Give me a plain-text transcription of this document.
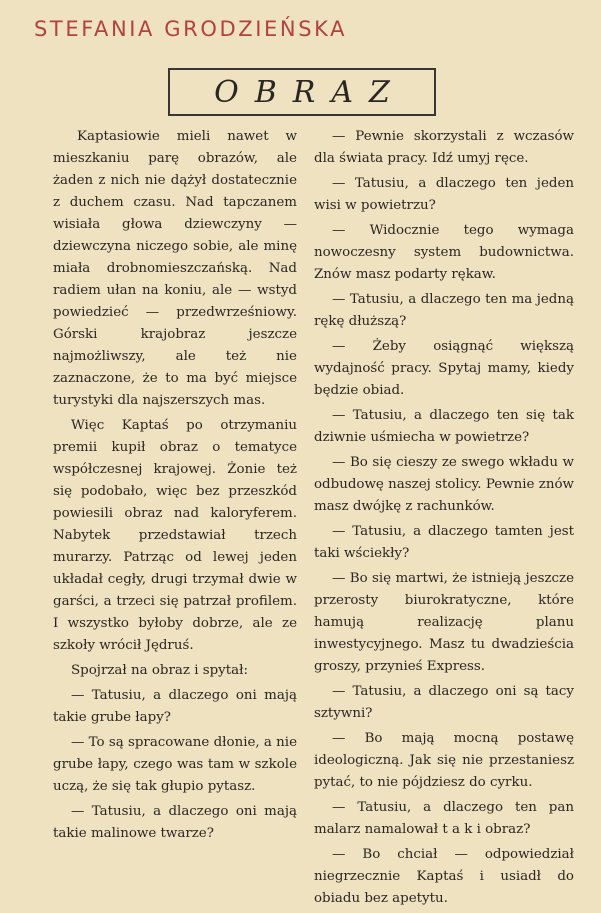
STEFANIA GRODZIEŃSKA
OBRAZ

Kaptasiowie mieli nawet w mieszkaniu parę obrazów, ale żaden z nich nie dążył dostatecznie z duchem czasu. Nad tapczanem wisiała głowa dziewczyny — dziewczyna niczego sobie, ale minę miała drobnomieszczańską. Nad radiem ułan na koniu, ale — wstyd powiedzieć — przedwrześniowy. Górski krajobraz jeszcze najmożliwszy, ale też nie zaznaczone, że to ma być miejsce turystyki dla najszerszych mas.

Więc Kaptaś po otrzymaniu premii kupił obraz o tematyce współczesnej krajowej. Żonie też się podobało, więc bez przeszkód powiesili obraz nad kaloryferem. Nabytek przedstawiał trzech murarzy. Patrząc od lewej jeden układał cegły, drugi trzymał dwie w garści, a trzeci się patrzał profilem. I wszystko byłoby dobrze, ale ze szkoły wrócił Jędruś.

Spojrzał na obraz i spytał:

— Tatusiu, a dlaczego oni mają takie grube łapy?

— To są spracowane dłonie, a nie grube łapy, czego was tam w szkole uczą, że się tak głupio pytasz.

— Tatusiu, a dlaczego oni mają takie malinowe twarze?

— Pewnie skorzystali z wczasów dla świata pracy. Idź umyj ręce.

— Tatusiu, a dlaczego ten jeden wisi w powietrzu?

— Widocznie tego wymaga nowoczesny system budownictwa. Znów masz podarty rękaw.

— Tatusiu, a dlaczego ten ma jedną rękę dłuższą?

— Żeby osiągnąć większą wydajność pracy. Spytaj mamy, kiedy będzie obiad.

— Tatusiu, a dlaczego ten się tak dziwnie uśmiecha w powietrze?

— Bo się cieszy ze swego wkładu w odbudowę naszej stolicy. Pewnie znów masz dwójkę z rachunków.

— Tatusiu, a dlaczego tamten jest taki wściekły?

— Bo się martwi, że istnieją jeszcze przerosty biurokratyczne, które hamują realizację planu inwestycyjnego. Masz tu dwadzieścia groszy, przynieś Express.

— Tatusiu, a dlaczego oni są tacy sztywni?

— Bo mają mocną postawę ideologiczną. Jak się nie przestaniesz pytać, to nie pójdziesz do cyrku.

— Tatusiu, a dlaczego ten pan malarz namalował t a k i obraz?

— Bo chciał — odpowiedział niegrzecznie Kaptaś i usiadł do obiadu bez apetytu.
